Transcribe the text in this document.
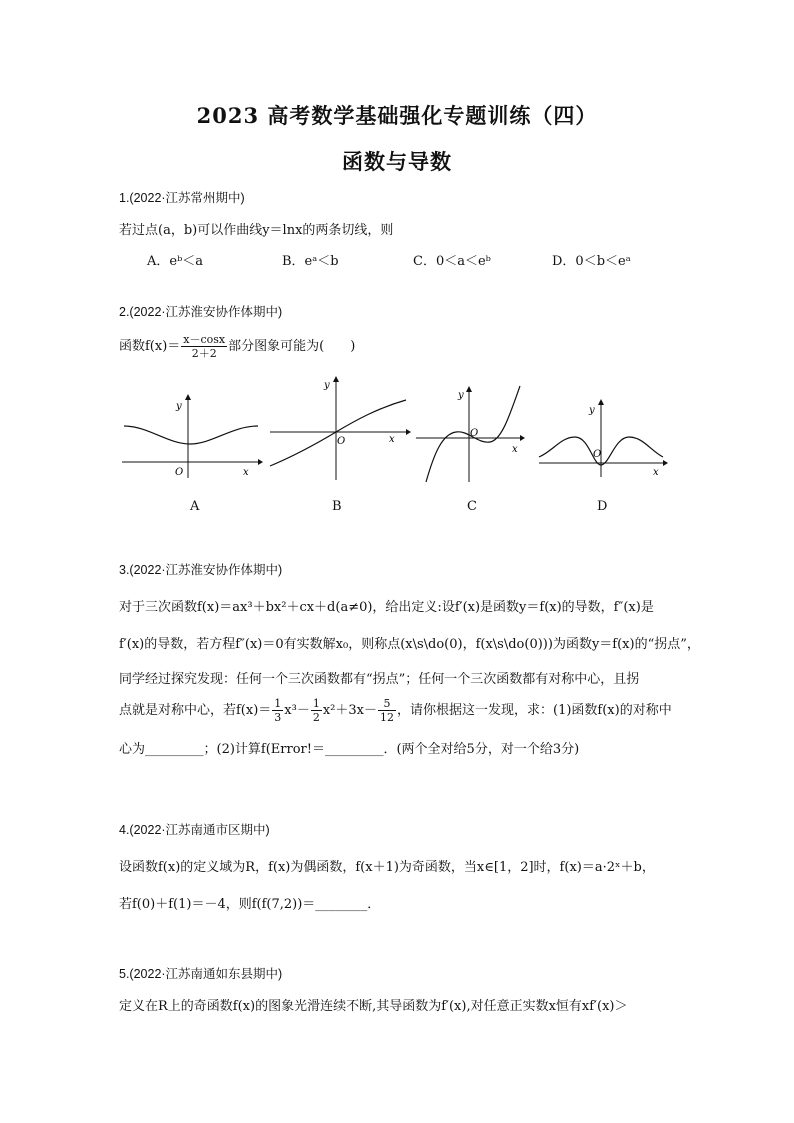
2023 高考数学基础强化专题训练（四）
函数与导数
1.(2022·江苏常州期中)
若过点(a，b)可以作曲线y＝lnx的两条切线，则
A．eᵇ＜a	B．eᵃ＜b	C．0＜a＜eᵇ	D．0＜b＜eᵃ
2.(2022·江苏淮安协作体期中)
函数$f(x)= \frac{x-\cos x}{2+2}$ 部分图象可能为(　　)
y
O	x
y
O	x
y
O
x
y
O
x
A	B	C	D
3.(2022·江苏淮安协作体期中)
对于三次函数f(x)＝ax³＋bx²＋cx＋d(a≠0)，给出定义:设f′(x)是函数y＝f(x)的导数，f″(x)是
f′(x)的导数，若方程f″(x)＝0有实数解x₀，则称点(x\s\do(0)，f(x\s\do(0)))为函数y＝f(x)的“拐点”，
同学经过探究发现：任何一个三次函数都有“拐点”；任何一个三次函数都有对称中心，且拐
点就是对称中心，若$f(x)= \frac{1}{3} x^3- \frac{1}{2} x^2+3x- \frac{5}{12}$ ，请你根据这一发现，求：(1)函数f(x)的对称中
心为_________；(2)计算f(Error!＝_________．(两个全对给5分，对一个给3分)
4.(2022·江苏南通市区期中)
设函数f(x)的定义域为R，f(x)为偶函数，f(x＋1)为奇函数，当x∈[1，2]时，f(x)＝a·2ˣ＋b，
若f(0)＋f(1)＝－4，则f(f(7,2))＝________．
5.(2022·江苏南通如东县期中)
定义在R上的奇函数f(x)的图象光滑连续不断,其导函数为f′(x),对任意正实数x恒有xf′(x)＞
